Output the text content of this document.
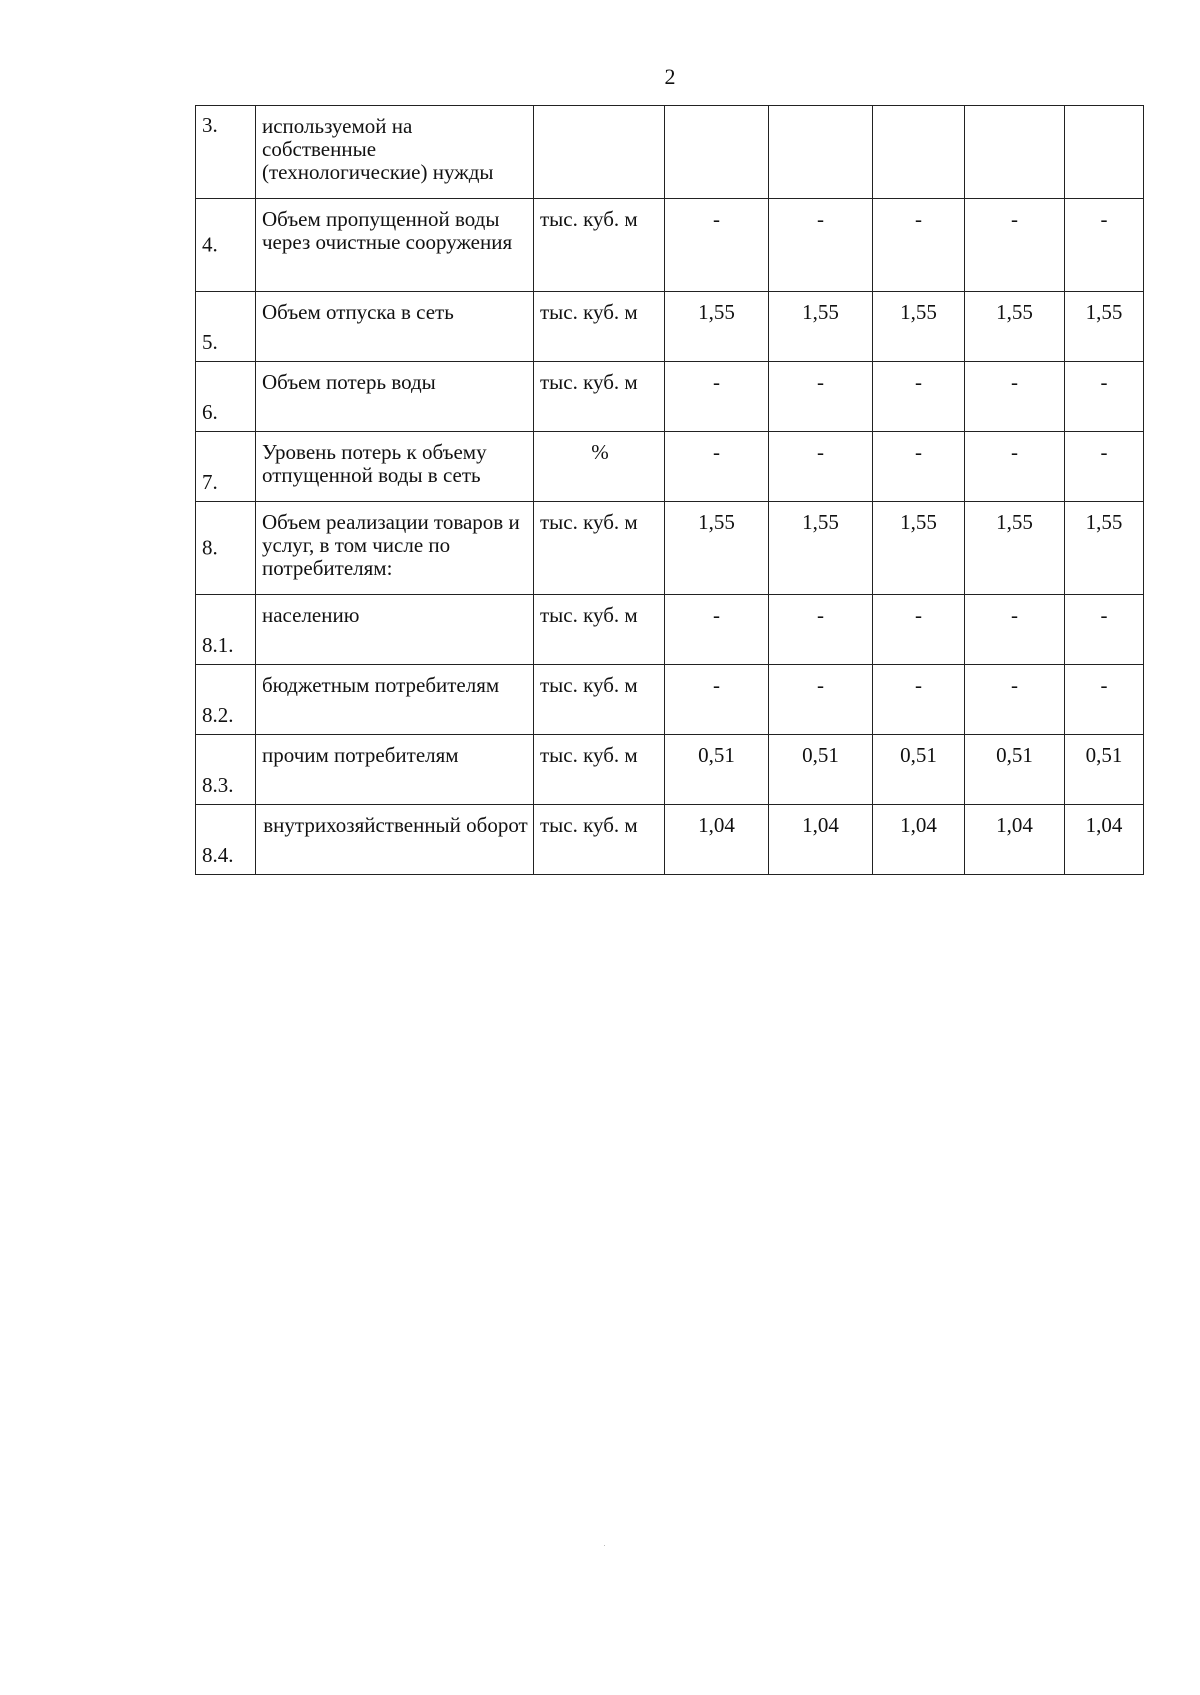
2
3.	используемой на собственные (технологические) нужды						

4.	Объем пропущенной воды через очистные сооружения	тыс. куб. м	-	-	-	-	-

5.	Объем отпуска в сеть	тыс. куб. м	1,55	1,55	1,55	1,55	1,55

6.	Объем потерь воды	тыс. куб. м	-	-	-	-	-

7.	Уровень потерь к объему отпущенной воды в сеть	%	-	-	-	-	-

8.	Объем реализации товаров и услуг, в том числе по потребителям:	тыс. куб. м	1,55	1,55	1,55	1,55	1,55

8.1.	населению	тыс. куб. м	-	-	-	-	-

8.2.	бюджетным потребителям	тыс. куб. м	-	-	-	-	-

8.3.	прочим потребителям	тыс. куб. м	0,51	0,51	0,51	0,51	0,51

8.4.	внутрихозяйственный оборот	тыс. куб. м	1,04	1,04	1,04	1,04	1,04
